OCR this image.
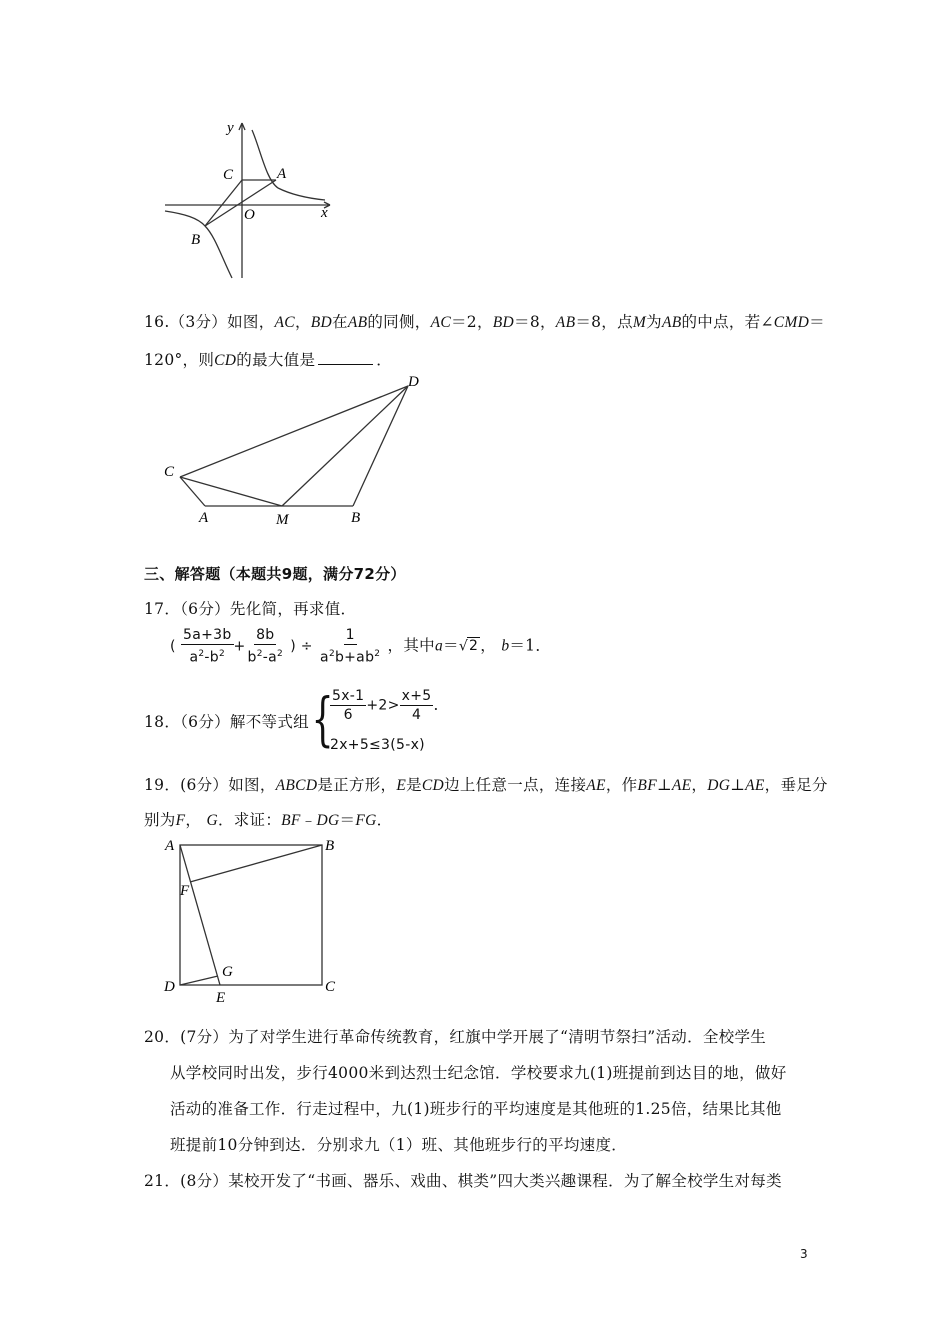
y
x
C	A
O
B
16.（3分）如图，AC，BD在AB的同侧，AC＝2，BD＝8，AB＝8，点M为AB的中点，若∠CMD＝
120°，则CD的最大值是	．
D
C
A	M	B
三、解答题（本题共9题，满分72分）
17．（6分）先化简，再求值．
( $\frac{5a+3b}{a^2-b^2} + \frac{8b}{b^2-a^2}$ ) ÷ $\frac{1}{a^2b+ab^2}$ ，其中a＝√2 ， b＝1．
18．（6分）解不等式组 {
$\frac{5x-1}{6} +2> \frac{x+5}{4}$ ．
2x+5≤3(5-x)
19．(6分）如图，ABCD是正方形，E是CD边上任意一点，连接AE，作BF⊥AE，DG⊥AE，垂足分
别为F， G．求证：BF﹣DG＝FG．
A	B
F
G
D
E
C
20．(7分）为了对学生进行革命传统教育，红旗中学开展了“清明节祭扫”活动．全校学生
从学校同时出发，步行4000米到达烈士纪念馆．学校要求九(1)班提前到达目的地，做好
活动的准备工作．行走过程中，九(1)班步行的平均速度是其他班的1.25倍，结果比其他
班提前10分钟到达．分别求九（1）班、其他班步行的平均速度．
21．(8分）某校开发了“书画、器乐、戏曲、棋类”四大类兴趣课程．为了解全校学生对每类
3
